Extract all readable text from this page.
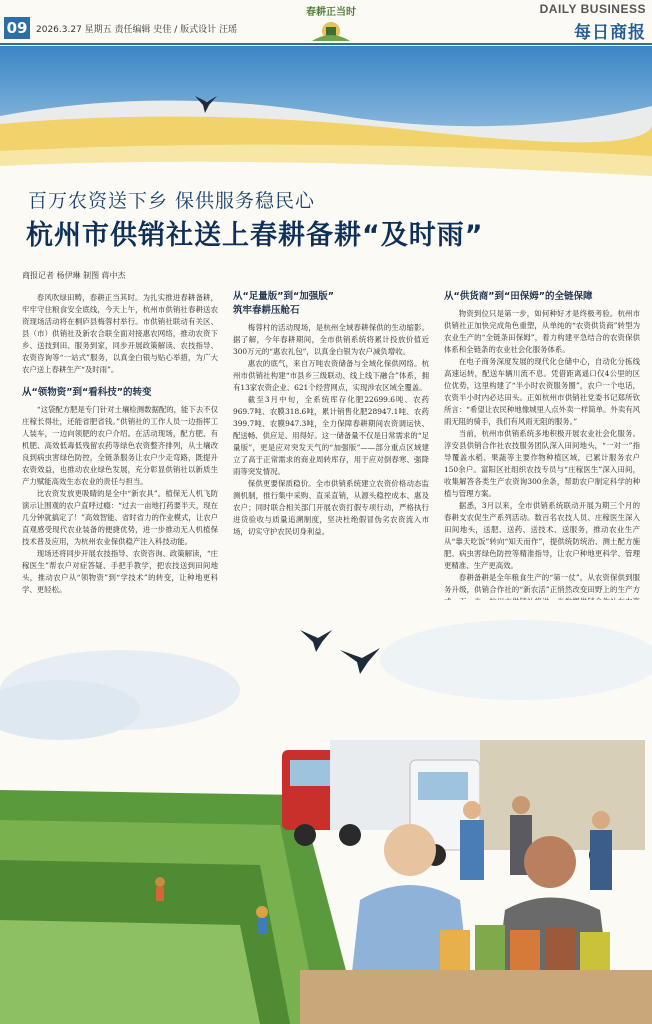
09 2026.3.27 星期五 责任编辑 史佳 / 版式设计 汪瑶
春耕正当时	DAILY BUSINESS
每日商报
百万农资送下乡 保供服务稳民心
杭州市供销社送上春耕备耕“及时雨”
商报记者 杨伊琳 制图 蒋中杰

春风吹绿田畴，春耕正当其时。为扎实推进春耕备耕，牢牢守住粮食安全底线，今天上午，杭州市供销社春耕送农资现场活动将在桐庐县梅蓉村举行。市供销社联动有关区、县（市）供销社及新农合联全面对接惠农网络，推动农资下乡、送技到田、服务到家，同步开展政策解读、农技指导、农资咨询等“一站式”服务，以真金白银与贴心举措，为广大农户送上春耕生产“及时雨”。

从“领物资”到“看科技”的转变

“这袋配方肥是专门针对土壤检测数据配的，能下去不仅庄稼长得壮，还能省肥省钱。”供销社的工作人员一边指挥工人装车，一边向领肥的农户介绍。在活动现场，配方肥、有机肥、高效低毒低残留农药等绿色农资整齐排列，从土壤改良到病虫害绿色防控，全链条服务让农户少走弯路，既提升农资效益，也推动农业绿色发展，充分彰显供销社以新质生产力赋能高效生态农业的责任与担当。

比农资发放更吸睛的是全中“新农具”。植保无人机飞防演示让围观的农户直呼过瘾：“过去一亩地打药要半天，现在几分钟就搞定了！”高效智能、省时省力的作业模式，让农户直观感受现代农业装备的便捷优势，进一步推动无人机植保技术普及应用，为杭州农业保供稳产注入科技动能。

现场还将同步开展农技指导、农资咨询、政策解读，“庄稼医生”帮农户对症答疑、手把手教学，把农技送到田间地头，推动农户从“领物资”到“学技术”的转变，让种地更科学、更轻松。

从“足量版”到“加强版”
筑牢春耕压舱石

梅蓉村的活动现场，是杭州全域春耕保供的生动缩影。据了解，今年春耕期间，全市供销系统将累计投放价值近300万元的“惠农礼包”，以真金白银为农户减负增收。

惠农的底气，来自万吨农资储备与全域化保供网络。杭州市供销社构建“市县乡三级联动、线上线下融合”体系，拥有13家农资企业、621个经营网点，实现涉农区域全覆盖。

截至3月中旬，全系统库存化肥22699.6吨、农药969.7吨、农膜318.6吨，累计销售化肥28947.1吨、农药399.7吨、农膜947.3吨，全力保障春耕期间农资调运快、配送畅、供应足、用得好。这一储备量不仅是日常需求的“足量版”，更是应对突发天气的“加强版”——部分重点区域建立了高于正常需求的商业周转库存，用于应对倒春寒、强降雨等突发情况。

保供更要保质稳价。全市供销系统建立农资价格动态监测机制，推行集中采购、直采直销，从源头稳控成本、惠及农户；同时联合相关部门开展农资打假专项行动，严格执行进货验收与质量追溯制度，坚决杜绝假冒伪劣农资流入市场，切实守护农民切身利益。

从“供货商”到“田保姆”的全链保障

物资到位只是第一步，如何种好才是终极考验。杭州市供销社正加快完成角色重塑，从单纯的“农资供货商”转型为农业生产的“全链条田保姆”，着力构建平急结合的农资保供体系和全链条的农业社会化服务体系。

在电子商务深度发展的现代化仓储中心，自动化分拣线高速运转，配送车辆川流不息。凭借距离遥口仅4公里的区位优势，这里构建了“半小时农资服务圈”，农户一个电话，农资半小时内必达田头。正如杭州市供销社党委书记郑所钦所言：“希望让农民种地像城里人点外卖一样简单。外卖有风雨无阻的骑手，我们有风雨无阻的服务。”

当前，杭州市供销系统多地积极开展农业社会化服务。淳安县供销合作社农技服务团队深入田间地头，“一对一”指导覆盖水稻、果蔬等主要作物种植区域，已累计服务农户150余户。富阳区社组织农技专员与“庄稼医生”深入田间，收集解答各类生产农资询300余条，帮助农户制定科学的种植与管理方案。

据悉，3月以来，全市供销系统联动开展为期三个月的春耕支农促生产系列活动。数百名农技人员、庄稼医生深入田间地头，送肥、送药、送技术、送服务，推动农业生产从“靠天吃饭”转向“知天而作”，提供统防统治、测土配方施肥、病虫害绿色防控等精准指导，让农户种地更科学、管理更精准、生产更高效。

春耕备耕是全年粮食生产的“第一仗”。从农资保供到服务升级，供销合作社的“新农活”正悄然改变田野上的生产方
